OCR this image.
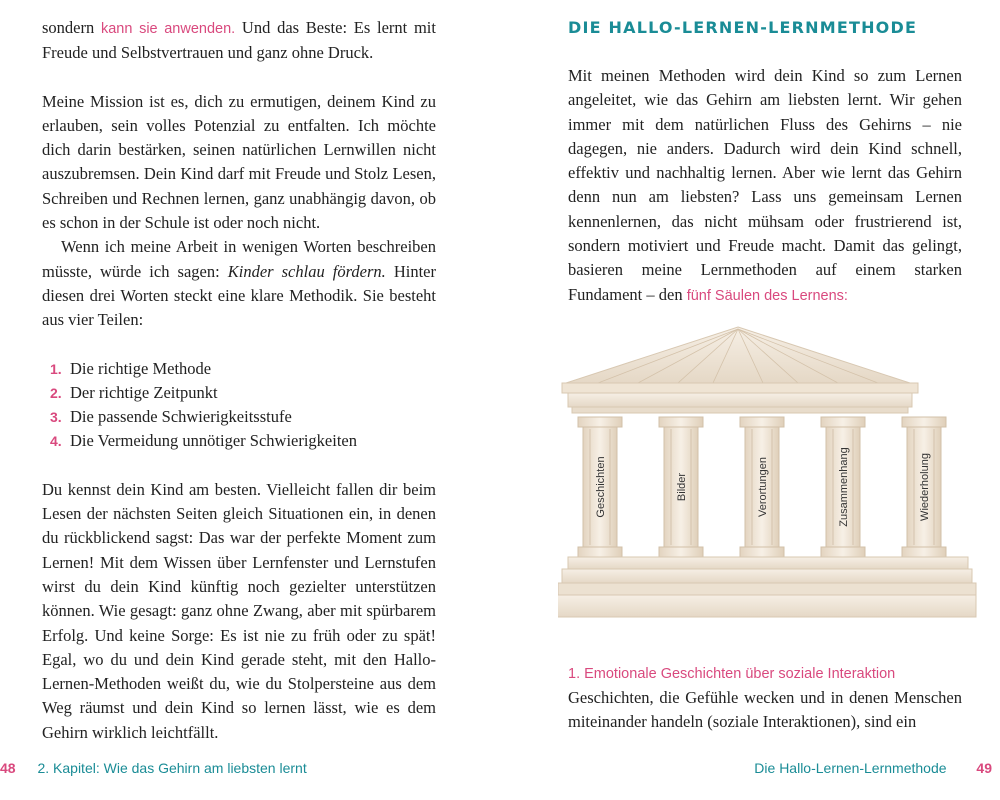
sondern kann sie anwenden. Und das Beste: Es lernt mit Freude und Selbstvertrauen und ganz ohne Druck.

Meine Mission ist es, dich zu ermutigen, deinem Kind zu erlauben, sein volles Potenzial zu entfalten. Ich möchte dich darin bestärken, seinen natürlichen Lernwillen nicht auszubremsen. Dein Kind darf mit Freude und Stolz Lesen, Schreiben und Rechnen lernen, ganz unabhängig davon, ob es schon in der Schule ist oder noch nicht.

Wenn ich meine Arbeit in wenigen Worten beschreiben müsste, würde ich sagen: Kinder schlau fördern. Hinter diesen drei Worten steckt eine klare Methodik. Sie besteht aus vier Teilen:

1. Die richtige Methode
2. Der richtige Zeitpunkt
3. Die passende Schwierigkeitsstufe
4. Die Vermeidung unnötiger Schwierigkeiten

Du kennst dein Kind am besten. Vielleicht fallen dir beim Lesen der nächsten Seiten gleich Situationen ein, in denen du rückblickend sagst: Das war der perfekte Moment zum Lernen! Mit dem Wissen über Lernfenster und Lernstufen wirst du dein Kind künftig noch gezielter unterstützen können. Wie gesagt: ganz ohne Zwang, aber mit spürbarem Erfolg. Und keine Sorge: Es ist nie zu früh oder zu spät! Egal, wo du und dein Kind gerade steht, mit den Hallo-Lernen-Methoden weißt du, wie du Stolpersteine aus dem Weg räumst und dein Kind so lernen lässt, wie es dem Gehirn wirklich leichtfällt.

48 2. Kapitel: Wie das Gehirn am liebsten lernt
DIE HALLO-LERNEN-LERNMETHODE

Mit meinen Methoden wird dein Kind so zum Lernen angeleitet, wie das Gehirn am liebsten lernt. Wir gehen immer mit dem natürlichen Fluss des Gehirns – nie dagegen, nie anders. Dadurch wird dein Kind schnell, effektiv und nachhaltig lernen. Aber wie lernt das Gehirn denn nun am liebsten? Lass uns gemeinsam Lernen kennenlernen, das nicht mühsam oder frustrierend ist, sondern motiviert und Freude macht. Damit das gelingt, basieren meine Lernmethoden auf einem starken Fundament – den fünf Säulen des Lernens:

Geschichten	Bilder	Verortungen	Zusammenhang	Wiederholung
1. Emotionale Geschichten über soziale Interaktion

Geschichten, die Gefühle wecken und in denen Menschen miteinander handeln (soziale Interaktionen), sind ein

Die Hallo-Lernen-Lernmethode 49
